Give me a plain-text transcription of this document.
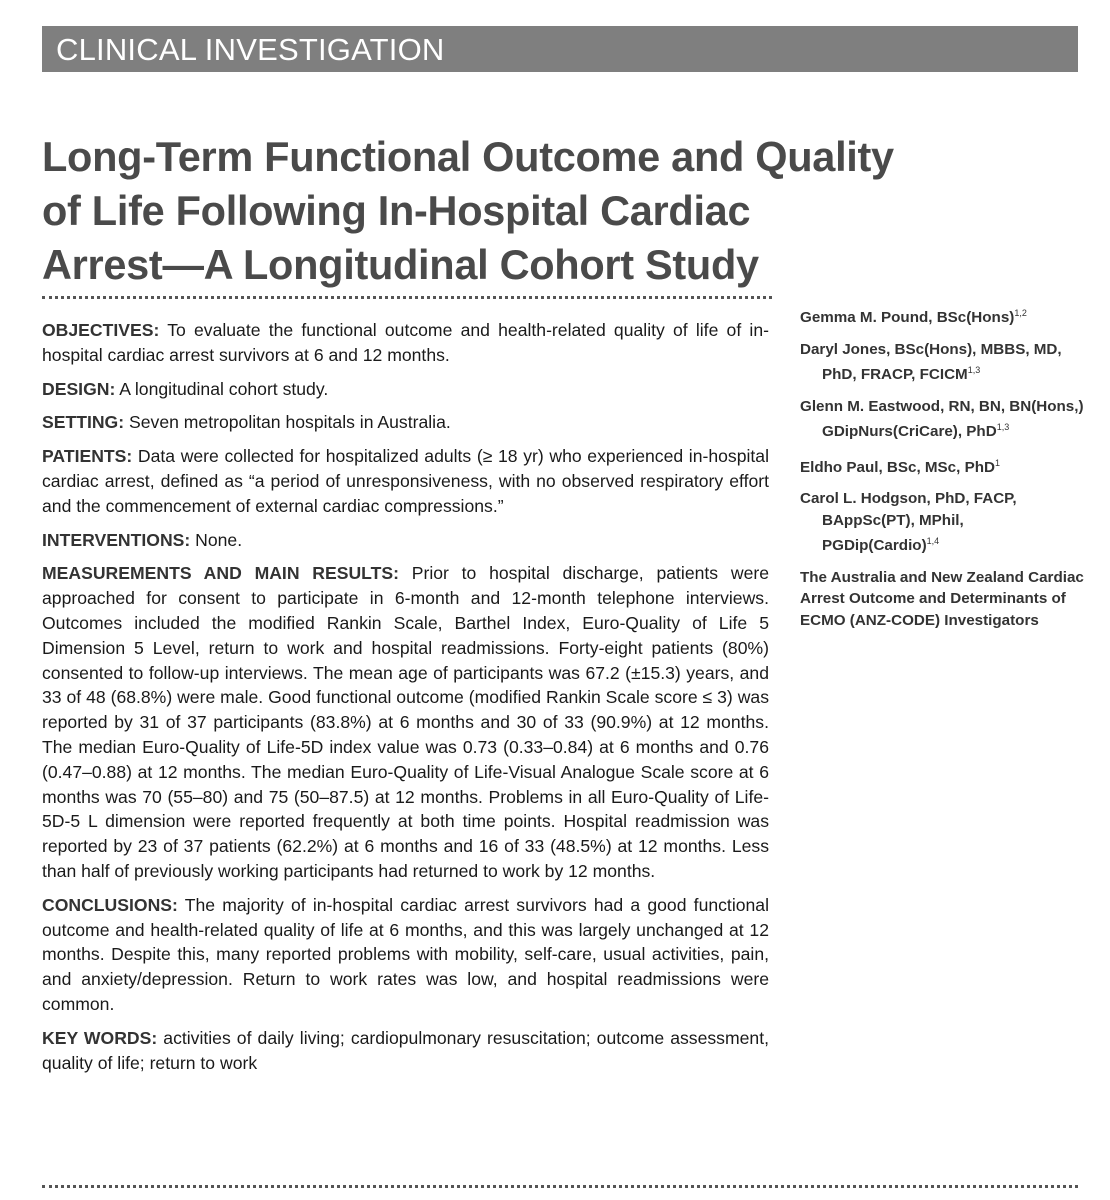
CLINICAL INVESTIGATION
Long-Term Functional Outcome and Quality
of Life Following In-Hospital Cardiac
Arrest—A Longitudinal Cohort Study

OBJECTIVES: To evaluate the functional outcome and health-related quality of life of in-hospital cardiac arrest survivors at 6 and 12 months.

DESIGN: A longitudinal cohort study.

SETTING: Seven metropolitan hospitals in Australia.

PATIENTS: Data were collected for hospitalized adults (≥ 18 yr) who experienced in-hospital cardiac arrest, defined as “a period of unresponsiveness, with no observed respiratory effort and the commencement of external cardiac compressions.”

INTERVENTIONS: None.

MEASUREMENTS AND MAIN RESULTS: Prior to hospital discharge, patients were approached for consent to participate in 6-month and 12-month telephone interviews. Outcomes included the modified Rankin Scale, Barthel Index, Euro-Quality of Life 5 Dimension 5 Level, return to work and hospital readmissions. Forty-eight patients (80%) consented to follow-up interviews. The mean age of participants was 67.2 (±15.3) years, and 33 of 48 (68.8%) were male. Good functional outcome (modified Rankin Scale score ≤ 3) was reported by 31 of 37 participants (83.8%) at 6 months and 30 of 33 (90.9%) at 12 months. The median Euro-Quality of Life-5D index value was 0.73 (0.33–0.84) at 6 months and 0.76 (0.47–0.88) at 12 months. The median Euro-Quality of Life-Visual Analogue Scale score at 6 months was 70 (55–80) and 75 (50–87.5) at 12 months. Problems in all Euro-Quality of Life-5D-5 L dimension were reported frequently at both time points. Hospital readmission was reported by 23 of 37 patients (62.2%) at 6 months and 16 of 33 (48.5%) at 12 months. Less than half of previously working participants had returned to work by 12 months.

CONCLUSIONS: The majority of in-hospital cardiac arrest survivors had a good functional outcome and health-related quality of life at 6 months, and this was largely unchanged at 12 months. Despite this, many reported problems with mobility, self-care, usual activities, pain, and anxiety/depression. Return to work rates was low, and hospital readmissions were common.

KEY WORDS: activities of daily living; cardiopulmonary resuscitation; outcome assessment, quality of life; return to work

Gemma M. Pound, BSc(Hons)$^{1,2}$
Daryl Jones, BSc(Hons), MBBS, MD, PhD, FRACP, FCICM$^{1,3}$
Glenn M. Eastwood, RN, BN, BN(Hons,) GDipNurs(CriCare), PhD$^{1,3}$
Eldho Paul, BSc, MSc, PhD$^1$
Carol L. Hodgson, PhD, FACP, BAppSc(PT), MPhil, PGDip(Cardio)$^{1,4}$
The Australia and New Zealand Cardiac Arrest Outcome and Determinants of ECMO (ANZ-CODE) Investigators
